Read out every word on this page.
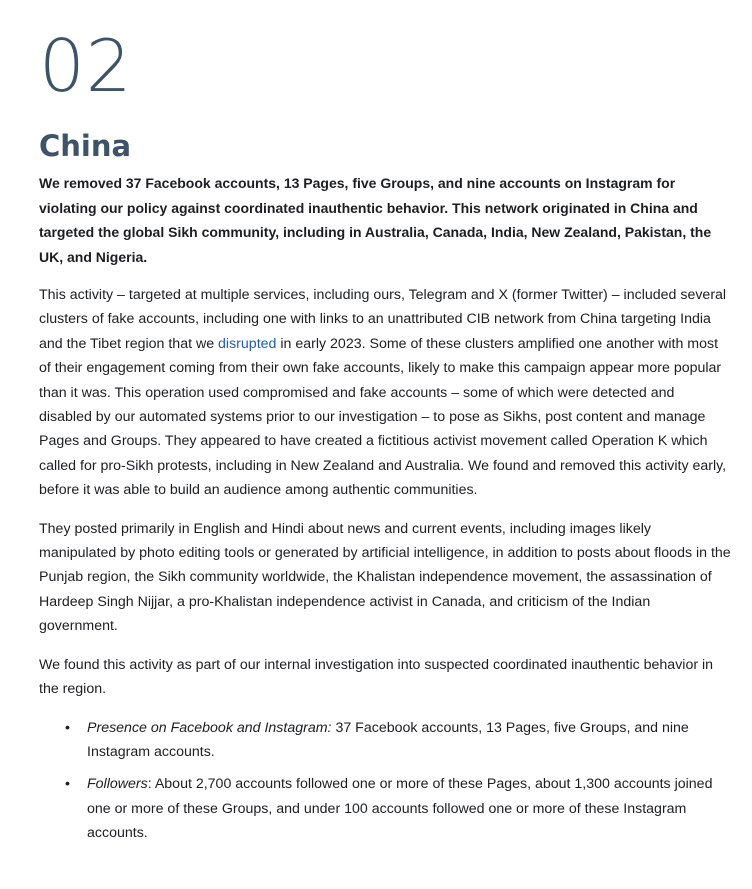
02
China

We removed 37 Facebook accounts, 13 Pages, five Groups, and nine accounts on Instagram for violating our policy against coordinated inauthentic behavior. This network originated in China and targeted the global Sikh community, including in Australia, Canada, India, New Zealand, Pakistan, the UK, and Nigeria.

This activity – targeted at multiple services, including ours, Telegram and X (former Twitter) – included several clusters of fake accounts, including one with links to an unattributed CIB network from China targeting India and the Tibet region that we disrupted in early 2023. Some of these clusters amplified one another with most of their engagement coming from their own fake accounts, likely to make this campaign appear more popular than it was. This operation used compromised and fake accounts – some of which were detected and disabled by our automated systems prior to our investigation – to pose as Sikhs, post content and manage Pages and Groups. They appeared to have created a fictitious activist movement called Operation K which called for pro-Sikh protests, including in New Zealand and Australia. We found and removed this activity early, before it was able to build an audience among authentic communities.

They posted primarily in English and Hindi about news and current events, including images likely manipulated by photo editing tools or generated by artificial intelligence, in addition to posts about floods in the Punjab region, the Sikh community worldwide, the Khalistan independence movement, the assassination of Hardeep Singh Nijjar, a pro-Khalistan independence activist in Canada, and criticism of the Indian government.

We found this activity as part of our internal investigation into suspected coordinated inauthentic behavior in the region.

• Presence on Facebook and Instagram: 37 Facebook accounts, 13 Pages, five Groups, and nine Instagram accounts.
• Followers: About 2,700 accounts followed one or more of these Pages, about 1,300 accounts joined one or more of these Groups, and under 100 accounts followed one or more of these Instagram accounts.
